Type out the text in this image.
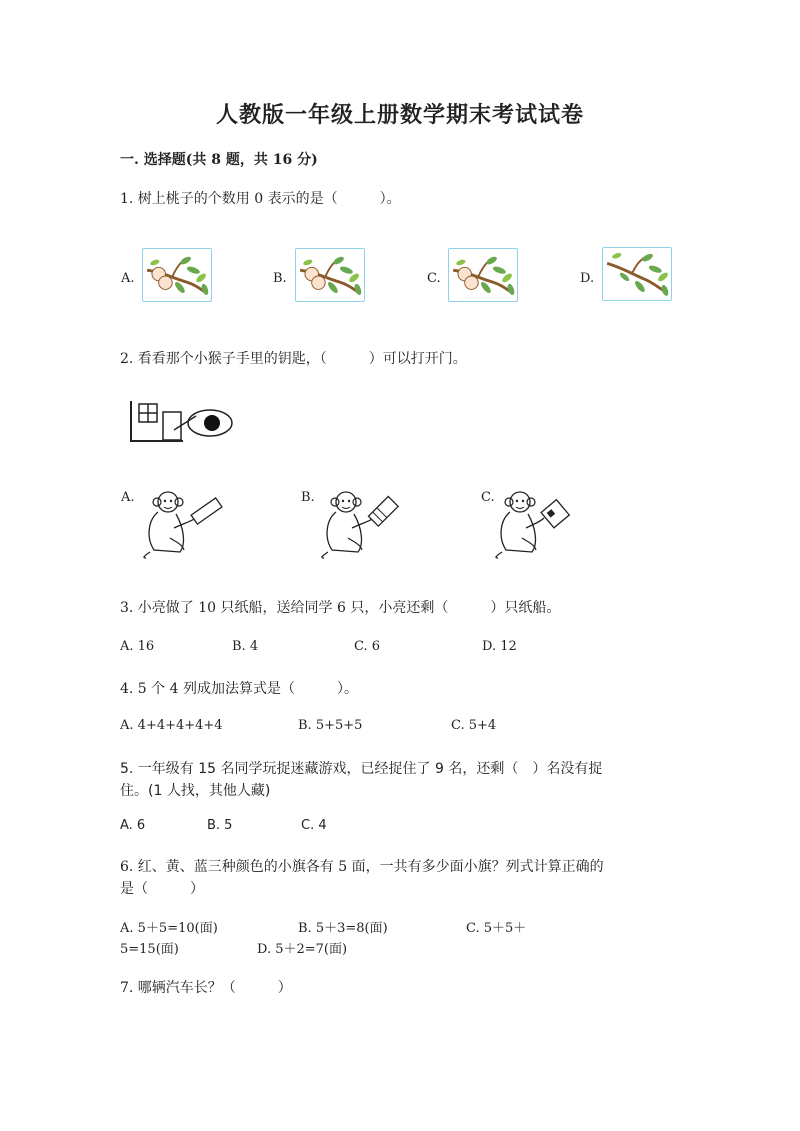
人教版一年级上册数学期末考试试卷
一. 选择题(共 8 题，共 16 分)
1. 树上桃子的个数用 0 表示的是（　　　）。
A.	B.	C.	D.
2. 看看那个小猴子手里的钥匙，（　　　）可以打开门。
A.	B.	C.
3. 小亮做了 10 只纸船，送给同学 6 只，小亮还剩（　　　）只纸船。
A. 16	B. 4	C. 6	D. 12
4. 5 个 4 列成加法算式是（　　　）。
A. 4+4+4+4+4	B. 5+5+5	C. 5+4
5. 一年级有 15 名同学玩捉迷藏游戏，已经捉住了 9 名，还剩（　）名没有捉
住。(1 人找，其他人藏)
A. 6	B. 5	C. 4
6. 红、黄、蓝三种颜色的小旗各有 5 面，一共有多少面小旗？列式计算正确的
是（　　　）
A. 5＋5=10(面)	B. 5＋3=8(面)	C. 5＋5＋
5=15(面)	D. 5＋2=7(面)
7. 哪辆汽车长？（　　　）
